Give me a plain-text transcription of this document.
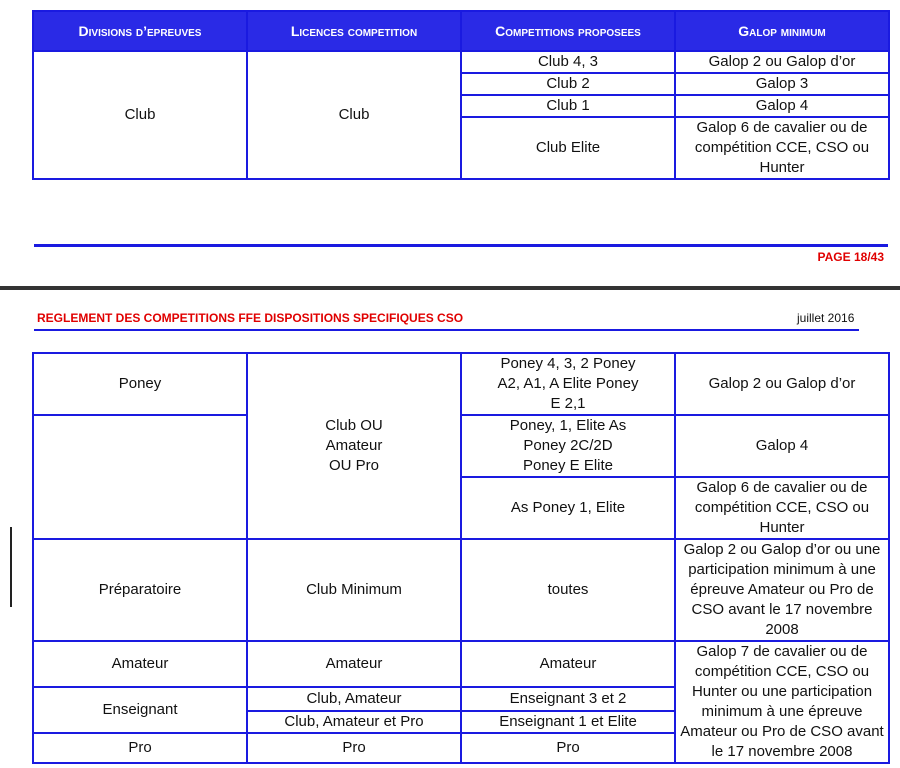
Divisions d’epreuves	Licences competition	Competitions proposees	Galop minimum
Club	Club	Club 4, 3	Galop 2 ou Galop d’or
		Club 2	Galop 3
		Club 1	Galop 4
		Club Elite	Galop 6 de cavalier ou de compétition CCE, CSO ou Hunter
PAGE 18/43
REGLEMENT DES COMPETITIONS FFE DISPOSITIONS SPECIFIQUES CSO	juillet 2016
Poney	Club OU Amateur OU Pro	Poney 4, 3, 2 Poney A2, A1, A Elite Poney E 2,1	Galop 2 ou Galop d’or
		Poney, 1, Elite As Poney 2C/2D Poney E Elite	Galop 4
		As Poney 1, Elite	Galop 6 de cavalier ou de compétition CCE, CSO ou Hunter
Préparatoire	Club Minimum	toutes	Galop 2 ou Galop d’or ou une participation minimum à une épreuve Amateur ou Pro de CSO avant le 17 novembre 2008
Amateur	Amateur	Amateur	Galop 7 de cavalier ou de compétition CCE, CSO ou Hunter ou une participation minimum à une épreuve Amateur ou Pro de CSO avant le 17 novembre 2008
Enseignant	Club, Amateur	Enseignant 3 et 2	
	Club, Amateur et Pro	Enseignant 1 et Elite	
Pro	Pro	Pro	
